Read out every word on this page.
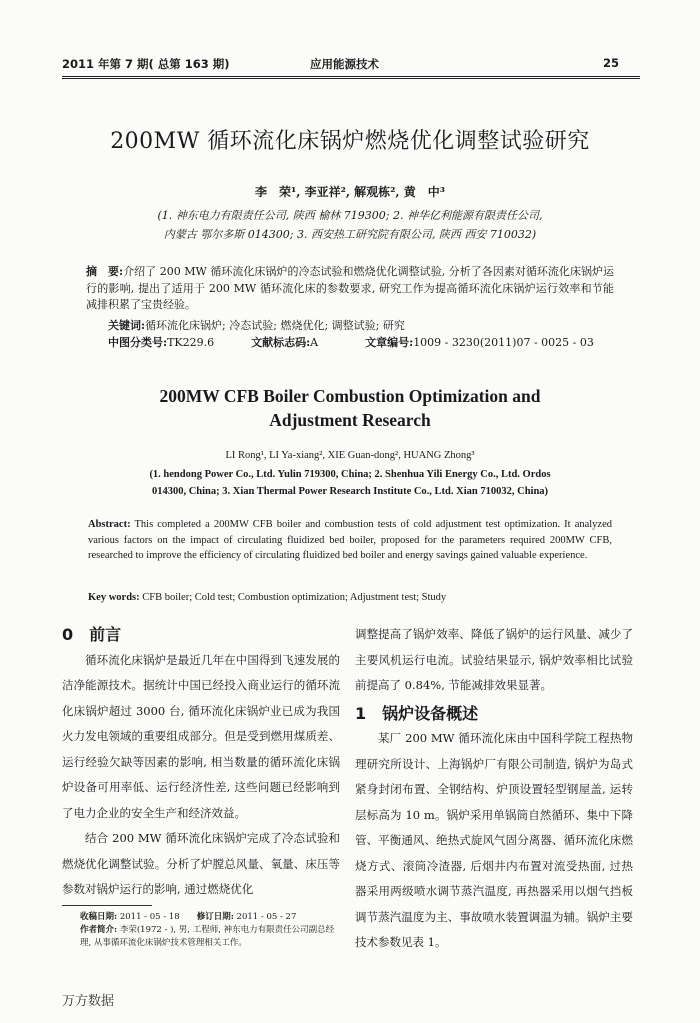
2011 年第 7 期( 总第 163 期)	应用能源技术	25
200MW 循环流化床锅炉燃烧优化调整试验研究
李　荣¹, 李亚祥², 解观栋², 黄　中³
(1. 神东电力有限责任公司, 陕西 榆林 719300; 2. 神华亿利能源有限责任公司,
内蒙古 鄂尔多斯 014300; 3. 西安热工研究院有限公司, 陕西 西安 710032)
摘　要:介绍了 200 MW 循环流化床锅炉的冷态试验和燃烧优化调整试验, 分析了各因素对循环流化床锅炉运行的影响, 提出了适用于 200 MW 循环流化床的参数要求, 研究工作为提高循环流化床锅炉运行效率和节能减排积累了宝贵经验。
关键词:循环流化床锅炉; 冷态试验; 燃烧优化; 调整试验; 研究
中图分类号:TK229.6	文献标志码:A	文章编号:1009 - 3230(2011)07 - 0025 - 03
200MW CFB Boiler Combustion Optimization and
Adjustment Research
LI Rong¹, LI Ya-xiang², XIE Guan-dong², HUANG Zhong³
(1. hendong Power Co., Ltd. Yulin 719300, China; 2. Shenhua Yili Energy Co., Ltd. Ordos
014300, China; 3. Xian Thermal Power Research Institute Co., Ltd. Xian 710032, China)
Abstract: This completed a 200MW CFB boiler and combustion tests of cold adjustment test optimization. It analyzed various factors on the impact of circulating fluidized bed boiler, proposed for the parameters required 200MW CFB, researched to improve the efficiency of circulating fluidized bed boiler and energy savings gained valuable experience.
Key words: CFB boiler; Cold test; Combustion optimization; Adjustment test; Study
0　前言

循环流化床锅炉是最近几年在中国得到飞速发展的洁净能源技术。据统计中国已经投入商业运行的循环流化床锅炉超过 3000 台, 循环流化床锅炉业已成为我国火力发电领域的重要组成部分。但是受到燃用煤质差、运行经验欠缺等因素的影响, 相当数量的循环流化床锅炉设备可用率低、运行经济性差, 这些问题已经影响到了电力企业的安全生产和经济效益。

结合 200 MW 循环流化床锅炉完成了冷态试验和燃烧优化调整试验。分析了炉膛总风量、氧量、床压等参数对锅炉运行的影响, 通过燃烧优化

收稿日期: 2011 - 05 - 18　　 修订日期: 2011 - 05 - 27
作者简介: 李荣(1972 - ), 男, 工程师, 神东电力有限责任公司副总经理, 从事循环流化床锅炉技术管理相关工作。

调整提高了锅炉效率、降低了锅炉的运行风量、减少了主要风机运行电流。试验结果显示, 锅炉效率相比试验前提高了 0.84%, 节能减排效果显著。

1　锅炉设备概述

某厂 200 MW 循环流化床由中国科学院工程热物理研究所设计、上海锅炉厂有限公司制造, 锅炉为岛式紧身封闭布置、全钢结构、炉顶设置轻型钢屋盖, 运转层标高为 10 m。锅炉采用单锅筒自然循环、集中下降管、平衡通风、绝热式旋风气固分离器、循环流化床燃烧方式、滚筒冷渣器, 后烟井内布置对流受热面, 过热器采用两级喷水调节蒸汽温度, 再热器采用以烟气挡板调节蒸汽温度为主、事故喷水装置调温为辅。锅炉主要技术参数见表 1。

万方数据
